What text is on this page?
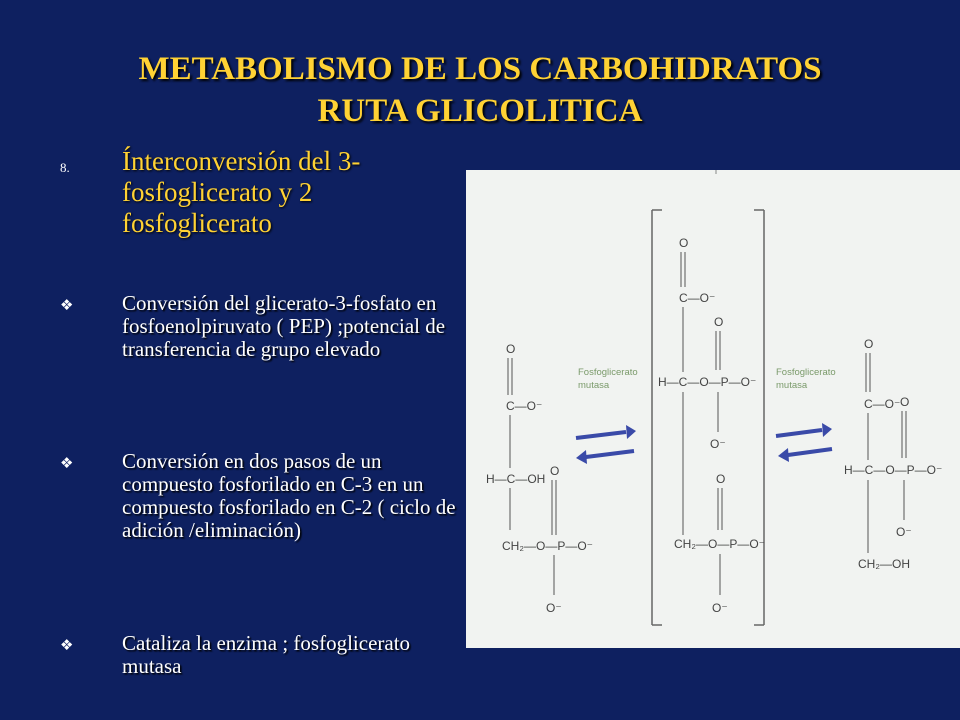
METABOLISMO DE LOS CARBOHIDRATOS
RUTA GLICOLITICA
8. Ínterconversión del 3-fosfoglicerato y 2 fosfoglicerato
❖ Conversión del glicerato-3-fosfato en fosfoenolpiruvato ( PEP) ;potencial de transferencia de grupo elevado
❖ Conversión en dos pasos de un compuesto fosforilado en C-3 en un compuesto fosforilado en C-2 ( ciclo de adición /eliminación)
❖ Cataliza la enzima ; fosfoglicerato mutasa
O
C—O⁻
H—C—OH
O
CH₂—O—P—O⁻
O⁻
Fosfoglicerato mutasa
O
C—O⁻
O
H—C—O—P—O⁻
O⁻
O
CH₂—O—P—O⁻
O⁻
Fosfoglicerato mutasa
O
C—O⁻ O
H—C—O—P—O⁻
O⁻
CH₂—OH
